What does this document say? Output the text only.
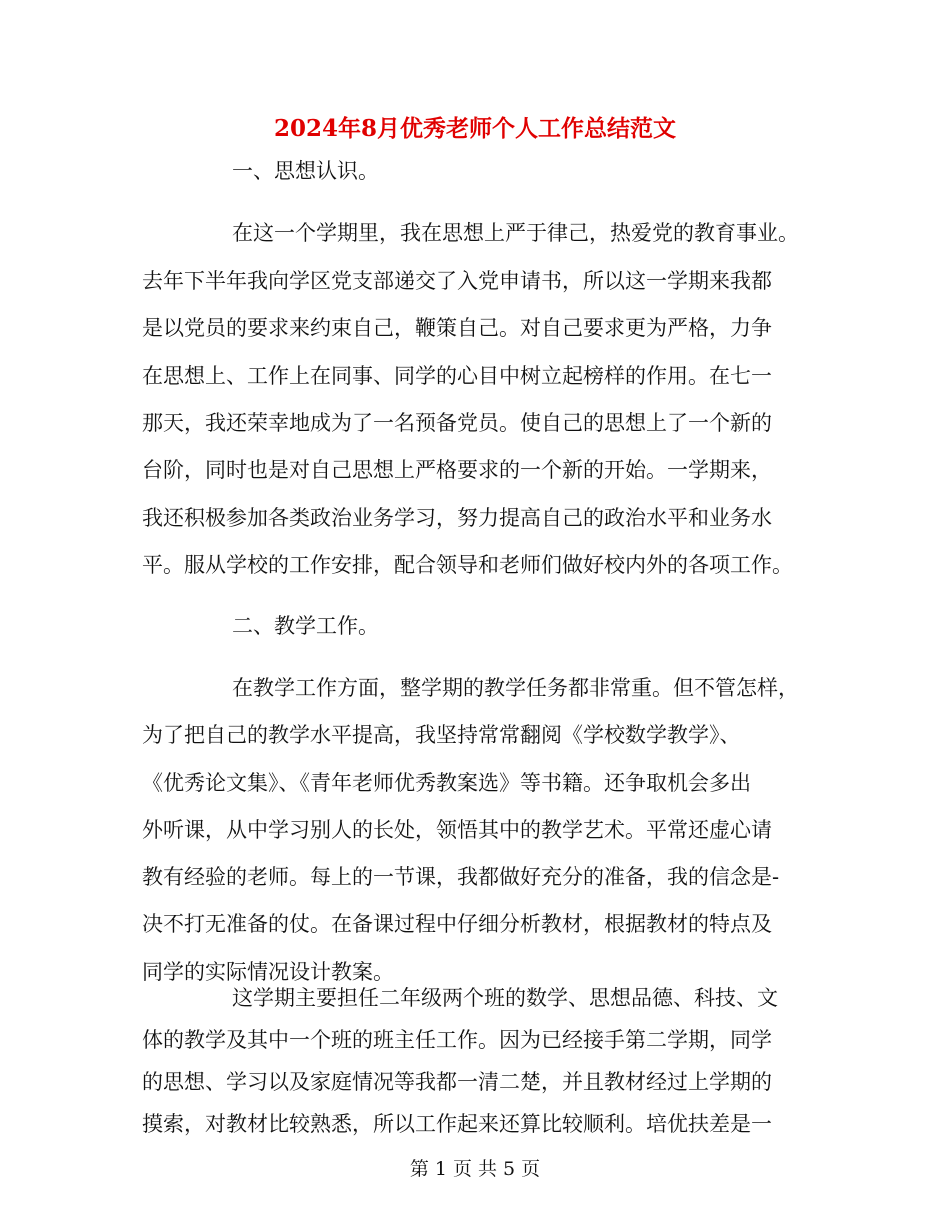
2024年8月优秀老师个人工作总结范文
一、思想认识。
在这一个学期里，我在思想上严于律己，热爱党的教育事业。
去年下半年我向学区党支部递交了入党申请书，所以这一学期来我都
是以党员的要求来约束自己，鞭策自己。对自己要求更为严格，力争
在思想上、工作上在同事、同学的心目中树立起榜样的作用。在七一
那天，我还荣幸地成为了一名预备党员。使自己的思想上了一个新的
台阶，同时也是对自己思想上严格要求的一个新的开始。一学期来，
我还积极参加各类政治业务学习，努力提高自己的政治水平和业务水
平。服从学校的工作安排，配合领导和老师们做好校内外的各项工作。
二、教学工作。
在教学工作方面，整学期的教学任务都非常重。但不管怎样，
为了把自己的教学水平提高，我坚持常常翻阅《学校数学教学》、
《优秀论文集》、《青年老师优秀教案选》等书籍。还争取机会多出
外听课，从中学习别人的长处，领悟其中的教学艺术。平常还虚心请
教有经验的老师。每上的一节课，我都做好充分的准备，我的信念是-
决不打无准备的仗。在备课过程中仔细分析教材，根据教材的特点及
同学的实际情况设计教案。
这学期主要担任二年级两个班的数学、思想品德、科技、文
体的教学及其中一个班的班主任工作。因为已经接手第二学期，同学
的思想、学习以及家庭情况等我都一清二楚，并且教材经过上学期的
第 1 页 共 5 页
摸索，对教材比较熟悉，所以工作起来还算比较顺利。培优扶差是一
